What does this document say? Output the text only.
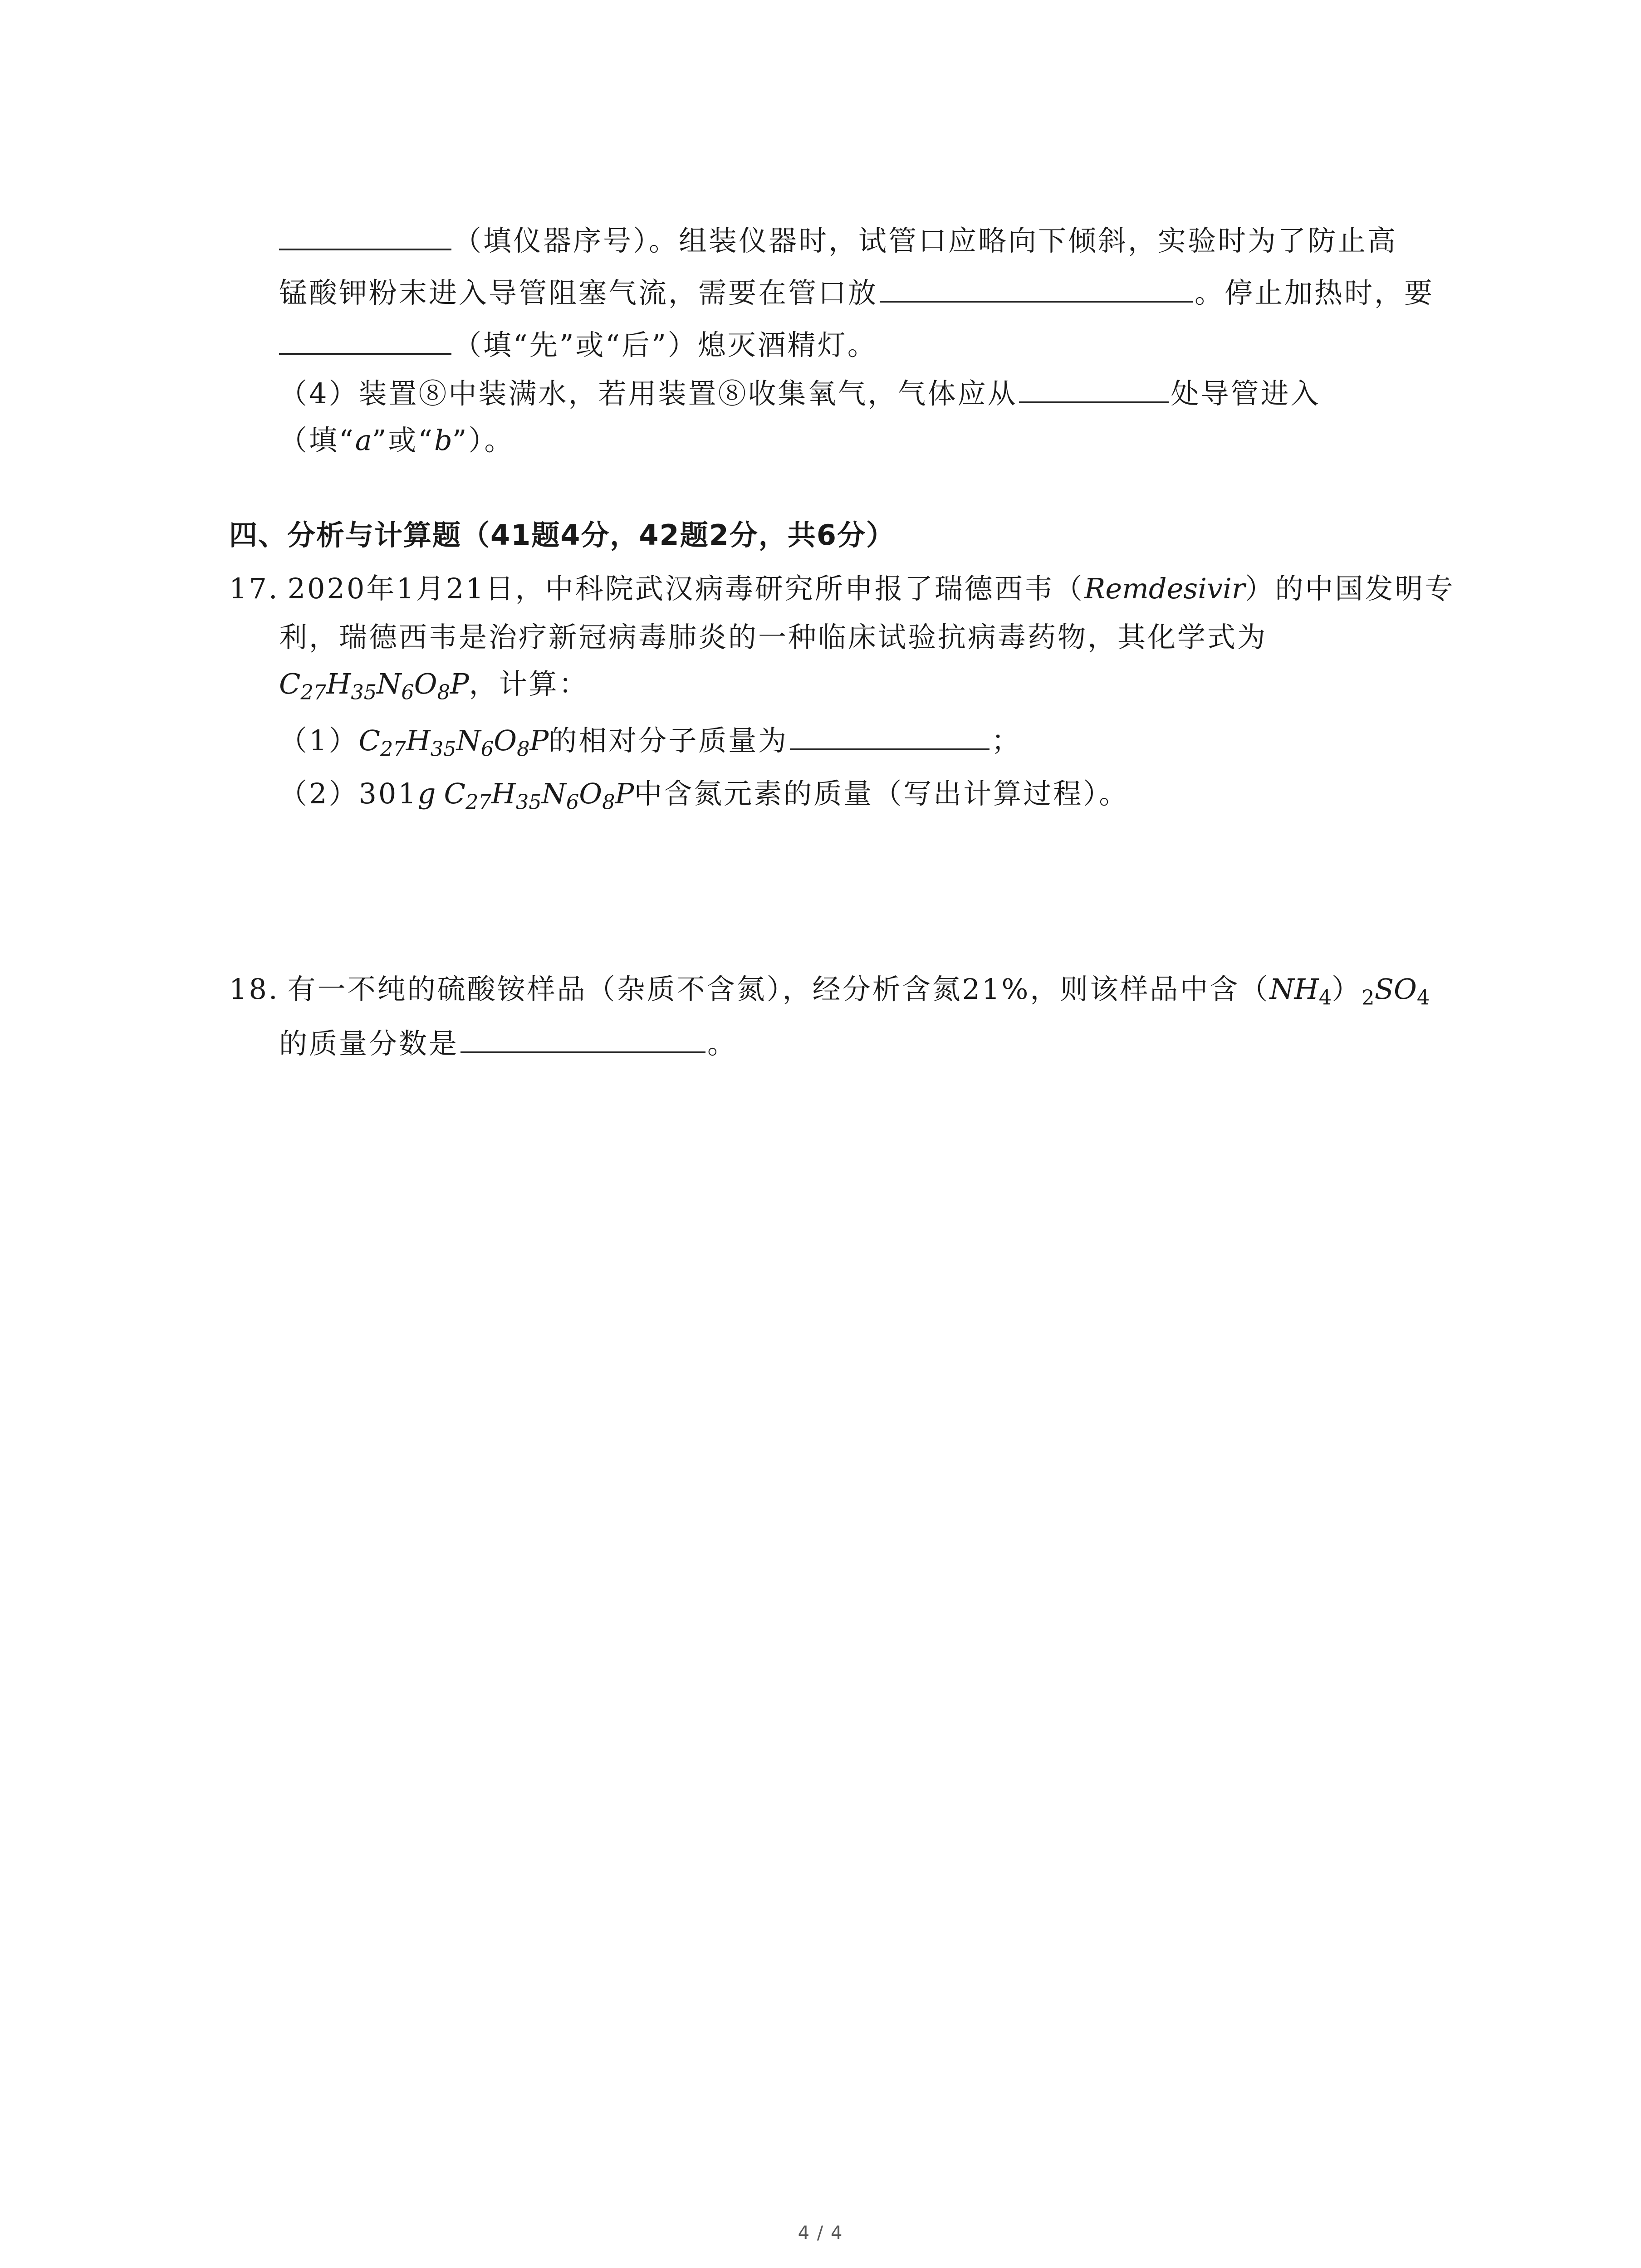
（填仪器序号）。组装仪器时，试管口应略向下倾斜，实验时为了防止高
锰酸钾粉末进入导管阻塞气流，需要在管口放	。停止加热时，要
（填“先”或“后”）熄灭酒精灯。
（4）装置⑧中装满水，若用装置⑧收集氧气，气体应从	处导管进入
（填“a”或“b”）。
四、分析与计算题（41题4分，42题2分，共6分）
17. 2020年1月21日，中科院武汉病毒研究所申报了瑞德西韦（Remdesivir）的中国发明专
利，瑞德西韦是治疗新冠病毒肺炎的一种临床试验抗病毒药物，其化学式为
$C_{27}H_{35}N_6O_8P$，计算：
$(1)C_{27}H_{35}N_6O_8P$的相对分子质量为	；
（2）301g $C_{27}H_{35}N_6O_8P$中含氮元素的质量（写出计算过程）。
18. 有一不纯的硫酸铵样品（杂质不含氮），经分析含氮21%，则该样品中含$(NH_4)_2SO_4$
的质量分数是	。
4 / 4
